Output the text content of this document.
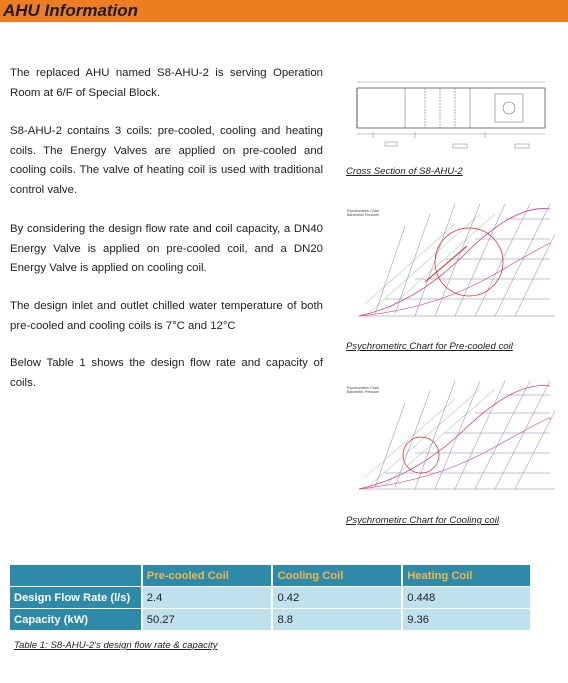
AHU Information

The replaced AHU named S8-AHU-2 is serving Operation Room at 6/F of Special Block.

S8-AHU-2 contains 3 coils: pre-cooled, cooling and heating coils. The Energy Valves are applied on pre-cooled and cooling coils. The valve of heating coil is used with traditional control valve.

By considering the design flow rate and coil capacity, a DN40 Energy Valve is applied on pre-cooled coil, and a DN20 Energy Valve is applied on cooling coil.

The design inlet and outlet chilled water temperature of both pre-cooled and cooling coils is 7°C and 12°C

Below Table 1 shows the design flow rate and capacity of coils.

Cross Section of S8-AHU-2
Psychrometric Chart
Barometric Pressure
Psychrometirc Chart for Pre-cooled coil
Psychrometric Chart
Barometric Pressure
Psychrometirc Chart for Cooling coil
	Pre-cooled Coil	Cooling Coil	Heating Coil
Design Flow Rate (l/s)	2.4	0.42	0.448
Capacity (kW)	50.27	8.8	9.36
Table 1: S8-AHU-2's design flow rate & capacity
